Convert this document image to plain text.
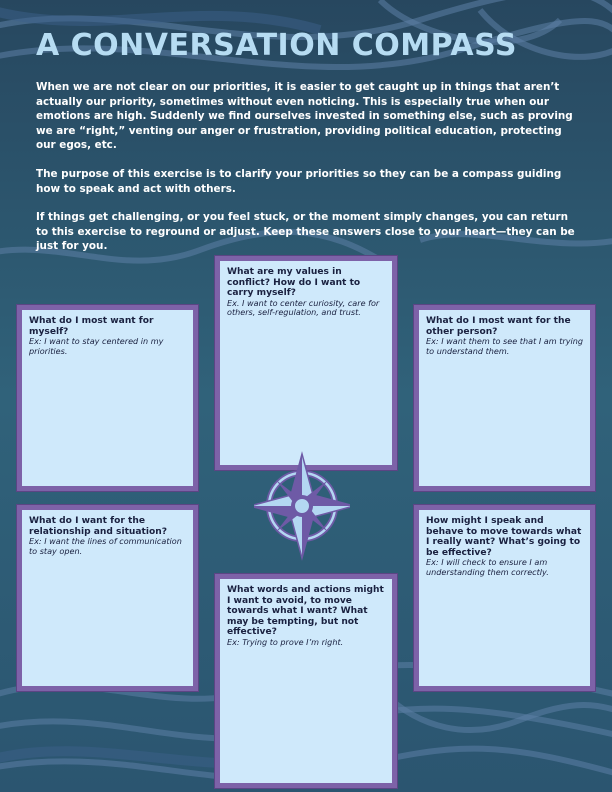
A CONVERSATION COMPASS

When we are not clear on our priorities, it is easier to get caught up in things that aren’t actually our priority, sometimes without even noticing. This is especially true when our emotions are high. Suddenly we find ourselves invested in something else, such as proving we are “right,” venting our anger or frustration, providing political education, protecting our egos, etc.

The purpose of this exercise is to clarify your priorities so they can be a compass guiding how to speak and act with others.

If things get challenging, or you feel stuck, or the moment simply changes, you can return to this exercise to reground or adjust. Keep these answers close to your heart—they can be just for you.

What are my values in conflict? How do I want to carry myself?
Ex. I want to center curiosity, care for others, self-regulation, and trust.
What do I most want for myself?
Ex: I want to stay centered in my priorities.
What do I most want for the other person?
Ex: I want them to see that I am trying to understand them.
What do I want for the relationship and situation?
Ex: I want the lines of communication to stay open.
How might I speak and behave to move towards what I really want? What’s going to be effective?
Ex: I will check to ensure I am understanding them correctly.
What words and actions might I want to avoid, to move towards what I want? What may be tempting, but not effective?
Ex: Trying to prove I’m right.
